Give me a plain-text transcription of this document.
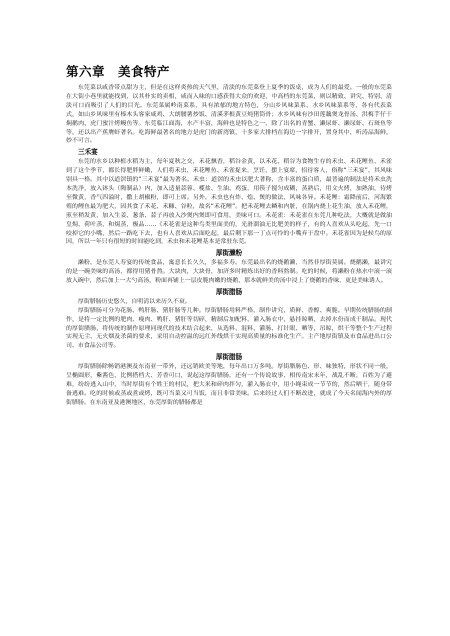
第六章　美食特产

东莞菜以咸香带点甜为主，但是在这样炎热的天气里，清淡的东莞菜登上夏季的饭桌，成为人们的最爱。一般的东莞菜在大街小巷里就能找到，以其朴实的卖相，咸而入味的口感获得大众的欢迎，中高档的东莞菜，则以精致、讲究、特别、清淡可口而吸引了人们的目光。东莞菜属岭南菜系，具有浓郁的地方特色，分山乡风味菜系、水乡风味菜系等，各有代表菜式，如山乡风味里有榛木头客家咸鸡、大朗腰薯炒饭、清溪茅根黄豆炖猪筒骨；水乡风味有沙田莲藕煲龙骨汤、洪梅芋仔干焖鹅肉、虎门蜜汁烤鳗鱼等。东莞临江面海，水产丰富，海鲜也是特色之一，除了出名的青蟹、濑尿虾、濑尿虾、石斑鱼等等，还以出产蕉膺虾著名。吃海鲜最著名的地方是虎门的新湾镇，十多家大排档在海边一字排开，置身其中，听涛品海鲜，妙不可言。

三禾宴

东莞的水乡以种植水稻为主，每年夏秋之交，禾花飘香，稻谷金黄，以禾花、稻谷为食物生存的禾虫、禾花鲤鱼、禾雀到了这个季节，都长得肥胖鲜嫩，人们将禾虫、禾花鲤鱼、禾雀捉来，烹饪，摆上宴席，招待客人，俗称“三禾宴”，其风味别具一格。其中以道滘镇的“三禾宴”最为著名。禾虫：道滘的禾虫以肥大著称，含丰富的蛋白质，最普遍的制法是将禾虫洗本洗净，放入钵头（陶制品）内，加入适量蒜蓉、榄盐、生油、鸡蛋，用筷子搅匀成糊，蒸熟后，用文火烤，加熟油，待烤至微黄，香气四溢时，撒上胡椒粉，即可上席。另外，禾虫也有炸、烩、煲的做法，风味各异。禾花鲤：霜降前后，河海繁殖的鲤鱼最为肥大，因其食了禾花、禾糠、谷粒，故名“禾花鲤”。把禾花鲤去鳞和内脏，在锅内烧上花生油，放入禾花鲤，煎至稍发黄，加入生姜、葱条、蒜子再放入沙煲内煲即可食用，美味可口。禾花雀：禾花雀在东莞几种吃法，大概就是做油皇焗，荷叶蒸，和焗蒸，极品……《禾花雀是这种鸟类里面美的，光滑溜油无比肥美的样子，有的人喜欢从头吃起，先一口咬掉它的小嘴，然后一路吃下去，也有人喜欢从后面吃起，最后剩下那一丁点可怜的小嘴弃于盘中。禾花雀因为是候鸟的原因，所以一年只有很短的时间能吃到，禾虫和禾花鲤基本是常驻东莞。

厚街濑粉

濑粉，是东莞人寿宴的传统食品，寓意长长久久，多福多寿。东莞最出名的烧鹅濑，当然非厚街莫属。烧鹅濑，最讲究的是一碗美味的高汤，都得用猪骨熬。大块肉，大块骨，加济多时精炼出好的香料熬制。吃的时候，将濑粉在热水中滚一滚放入碗中，然后加上一大勺高汤，粉面再铺上一层皮脆肉嫩的烧鹅，那本就鲜美的汤中浸上了烧鹅的香味，更是美味诱人。

厚街腊肠

厚街腊肠历史悠久，自明清以来历久不衰。

厚街腊肠可分为花肠、鸭肝肠、猪肝肠等几种。厚街腊肠用料严格，制作讲究，质鲜、香醇、爽脆。早期传统腊肠的制作，是将一定比例的肥肉、瘦肉、鸭肝、猪肝等切碎，精制后加配料，灌入肠衣中，悬挂晾晒，去掉水份而成干制品。现代的厚街腊肠，将传统的制作原理同现代的技术结合起来，从选料、混料、灌肠、打针眼、晒等，吊晾，烘干等整个生产过程实现无尘、无火烟及杀菌的要求，采用自动控温的远红外线烘干实现高质量的标准化生产。主产地厚街镇及市食品进出口公司、市食品公司等。

厚街腊肠

厚街腊肠除畅销港澳及东南亚一带外，还远销欧美等地，每年出口万多吨。厚街腊肠色、形、味独特，形状不同一般，呈椭圆形，紫酱色，比例搭档大、芳香可口，说起这厚街腊肠，还有一个传说故事，相传南宋末年，战乱不断，百姓为了避难，纷纷逃入山中，当时厚街有个姓王的村民，把大米和碎肉拌匀，灌入肠衣中，用小绳束成一节节的，然后晒干，随身带备逃难。吃的时候或蒸或煮或烤，既可当菜又可当饭，而且非常美味。后来经过人们不断改进，就成了今天名闻海内外的厚街腊肠。在东南亚及港澳地区，东莞厚街的腊肠都是
